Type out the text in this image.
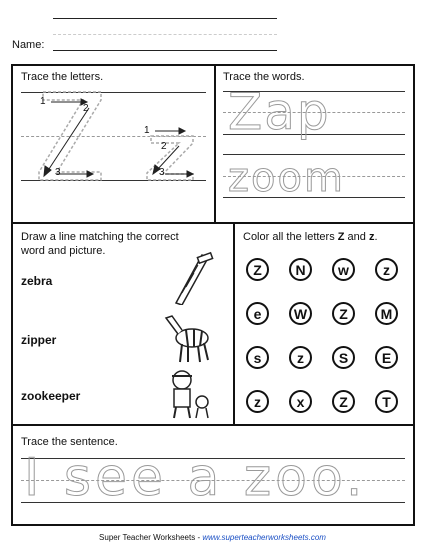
Name:
Trace the letters.
1
2
3
1
2
3
Trace the words.
Zap
zoom
Draw a line matching the correct
word and picture.
zebra
zipper
zookeeper
Color all the letters Z and z.
Z	N	w	z
e	W	Z	M
s	z	S	E
z	x	Z	T
Trace the sentence.
I see a zoo.
Super Teacher Worksheets - www.superteacherworksheets.com
